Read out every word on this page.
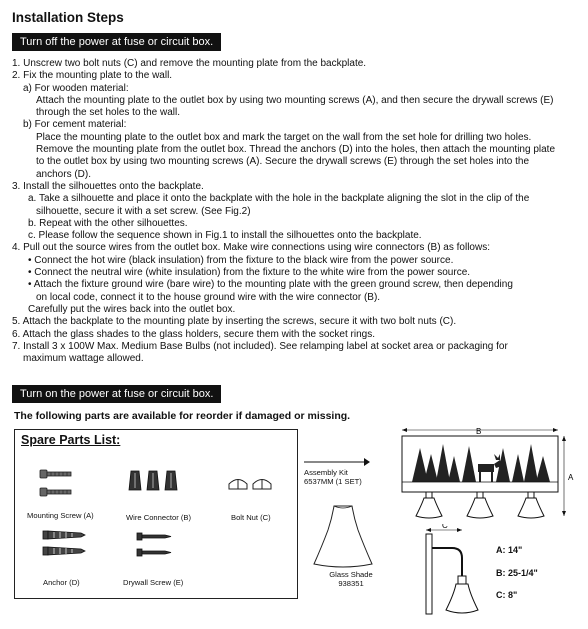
Installation Steps
Turn off the power at fuse or circuit box.
1. Unscrew two bolt nuts (C) and remove the mounting plate from the backplate.
2. Fix the mounting plate to the wall.
a) For wooden material:
Attach the mounting plate to the outlet box by using two mounting screws (A), and then secure the drywall screws (E)
through the set holes to the wall.
b) For cement material:
Place the mounting plate to the outlet box and mark the target on the wall from the set hole for drilling two holes.
Remove the mounting plate from the outlet box. Thread the anchors (D) into the holes, then attach the mounting plate
to the outlet box by using two mounting screws (A). Secure the drywall screws (E) through the set holes into the
anchors (D).
3. Install the silhouettes onto the backplate.
a. Take a silhouette and place it onto the backplate with the hole in the backplate aligning the slot in the clip of the
silhouette, secure it with a set screw. (See Fig.2)
b. Repeat with the other silhouettes.
c. Please follow the sequence shown in Fig.1 to install the silhouettes onto the backplate.
4. Pull out the source wires from the outlet box. Make wire connections using wire connectors (B) as follows:
• Connect the hot wire (black insulation) from the fixture to the black wire from the power source.
• Connect the neutral wire (white insulation) from the fixture to the white wire from the power source.
• Attach the fixture ground wire (bare wire) to the mounting plate with the green ground screw, then depending
on local code, connect it to the house ground wire with the wire connector (B).
Carefully put the wires back into the outlet box.
5. Attach the backplate to the mounting plate by inserting the screws, secure it with two bolt nuts (C).
6. Attach the glass shades to the glass holders, secure them with the socket rings.
7. Install 3 x 100W Max. Medium Base Bulbs (not included). See relamping label at socket area or packaging for
maximum wattage allowed.
Turn on the power at fuse or circuit box.
The following parts are available for reorder if damaged or missing.
Spare Parts List:
Mounting Screw (A)	Wire Connector (B)	Bolt Nut (C)
Anchor (D)	Drywall Screw (E)
Assembly Kit
6537MM (1 SET)
Glass Shade
938351
B
A
C
A: 14"
B: 25-1/4"
C: 8"
